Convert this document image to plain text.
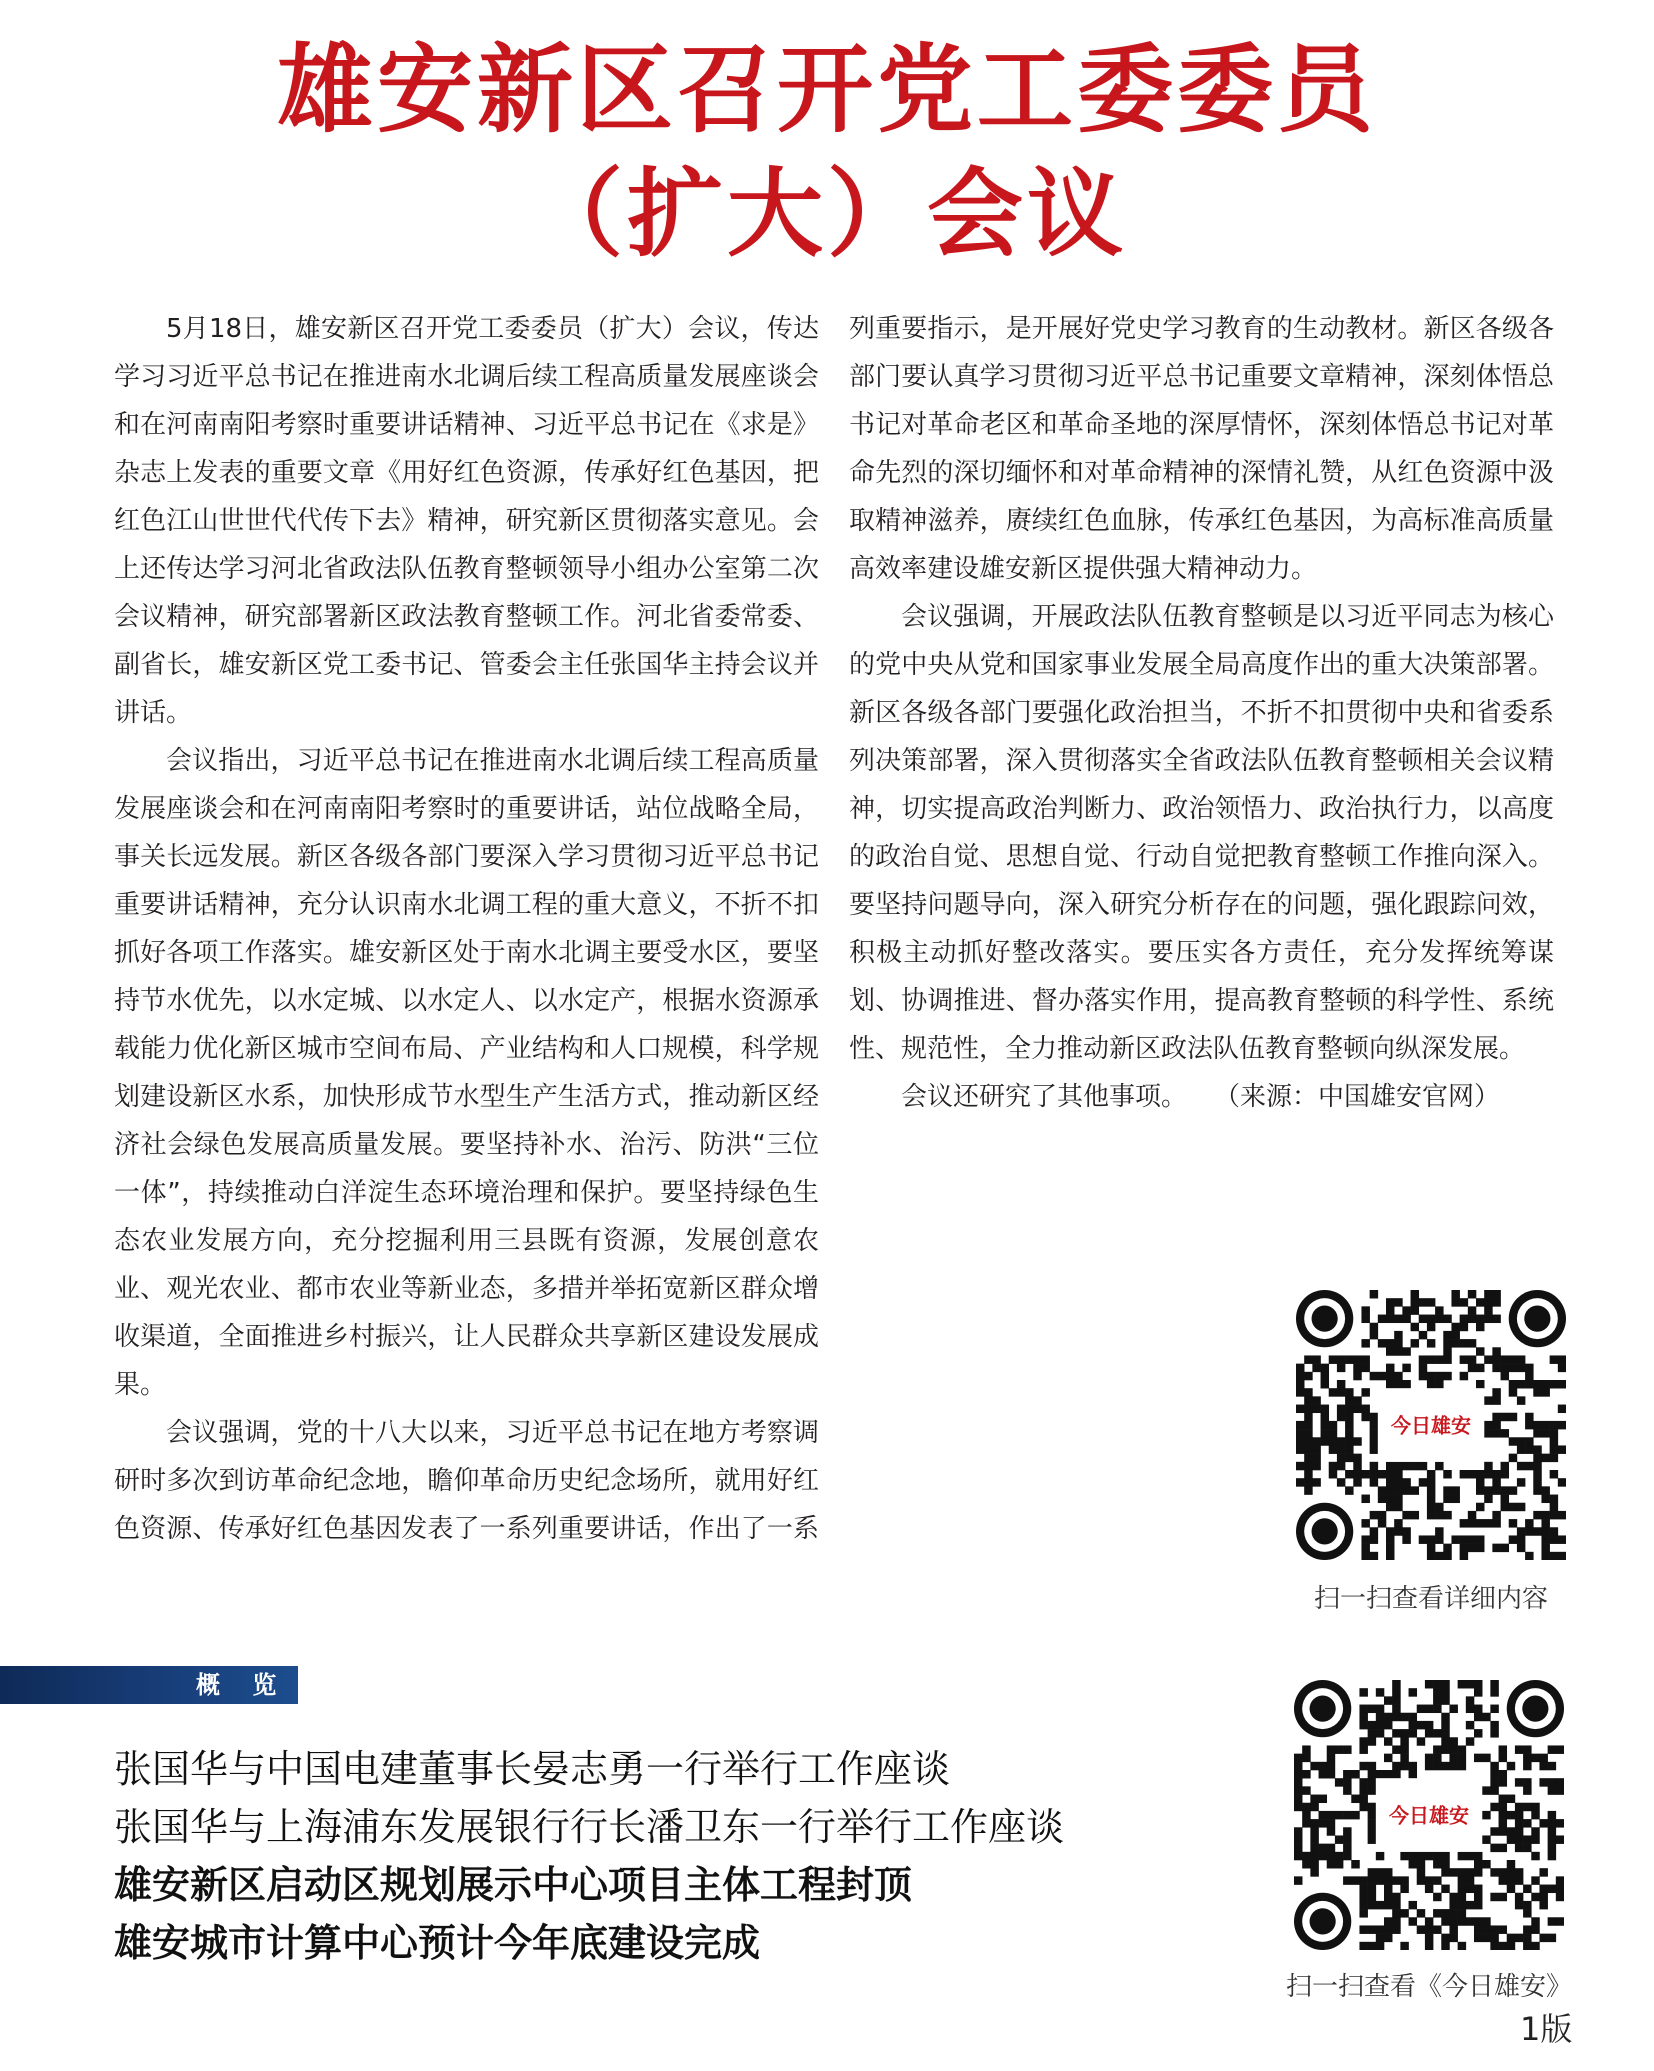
雄安新区召开党工委委员
（扩大）会议

5月18日，雄安新区召开党工委委员（扩大）会议，传达学习习近平总书记在推进南水北调后续工程高质量发展座谈会和在河南南阳考察时重要讲话精神、习近平总书记在《求是》杂志上发表的重要文章《用好红色资源，传承好红色基因，把红色江山世世代代传下去》精神，研究新区贯彻落实意见。会上还传达学习河北省政法队伍教育整顿领导小组办公室第二次会议精神，研究部署新区政法教育整顿工作。河北省委常委、副省长，雄安新区党工委书记、管委会主任张国华主持会议并讲话。

会议指出，习近平总书记在推进南水北调后续工程高质量发展座谈会和在河南南阳考察时的重要讲话，站位战略全局，事关长远发展。新区各级各部门要深入学习贯彻习近平总书记重要讲话精神，充分认识南水北调工程的重大意义，不折不扣抓好各项工作落实。雄安新区处于南水北调主要受水区，要坚持节水优先，以水定城、以水定人、以水定产，根据水资源承载能力优化新区城市空间布局、产业结构和人口规模，科学规划建设新区水系，加快形成节水型生产生活方式，推动新区经济社会绿色发展高质量发展。要坚持补水、治污、防洪“三位一体”，持续推动白洋淀生态环境治理和保护。要坚持绿色生态农业发展方向，充分挖掘利用三县既有资源，发展创意农业、观光农业、都市农业等新业态，多措并举拓宽新区群众增收渠道，全面推进乡村振兴，让人民群众共享新区建设发展成果。

会议强调，党的十八大以来，习近平总书记在地方考察调研时多次到访革命纪念地，瞻仰革命历史纪念场所，就用好红色资源、传承好红色基因发表了一系列重要讲话，作出了一系列重要指示，是开展好党史学习教育的生动教材。新区各级各部门要认真学习贯彻习近平总书记重要文章精神，深刻体悟总书记对革命老区和革命圣地的深厚情怀，深刻体悟总书记对革命先烈的深切缅怀和对革命精神的深情礼赞，从红色资源中汲取精神滋养，赓续红色血脉，传承红色基因，为高标准高质量高效率建设雄安新区提供强大精神动力。

会议强调，开展政法队伍教育整顿是以习近平同志为核心的党中央从党和国家事业发展全局高度作出的重大决策部署。新区各级各部门要强化政治担当，不折不扣贯彻中央和省委系列决策部署，深入贯彻落实全省政法队伍教育整顿相关会议精神，切实提高政治判断力、政治领悟力、政治执行力，以高度的政治自觉、思想自觉、行动自觉把教育整顿工作推向深入。要坚持问题导向，深入研究分析存在的问题，强化跟踪问效，积极主动抓好整改落实。要压实各方责任，充分发挥统筹谋划、协调推进、督办落实作用，提高教育整顿的科学性、系统性、规范性，全力推动新区政法队伍教育整顿向纵深发展。

会议还研究了其他事项。 （来源：中国雄安官网）

今日雄安
扫一扫查看详细内容
今日雄安
扫一扫查看《今日雄安》
概 览
张国华与中国电建董事长晏志勇一行举行工作座谈
张国华与上海浦东发展银行行长潘卫东一行举行工作座谈
雄安新区启动区规划展示中心项目主体工程封顶
雄安城市计算中心预计今年底建设完成
1版
